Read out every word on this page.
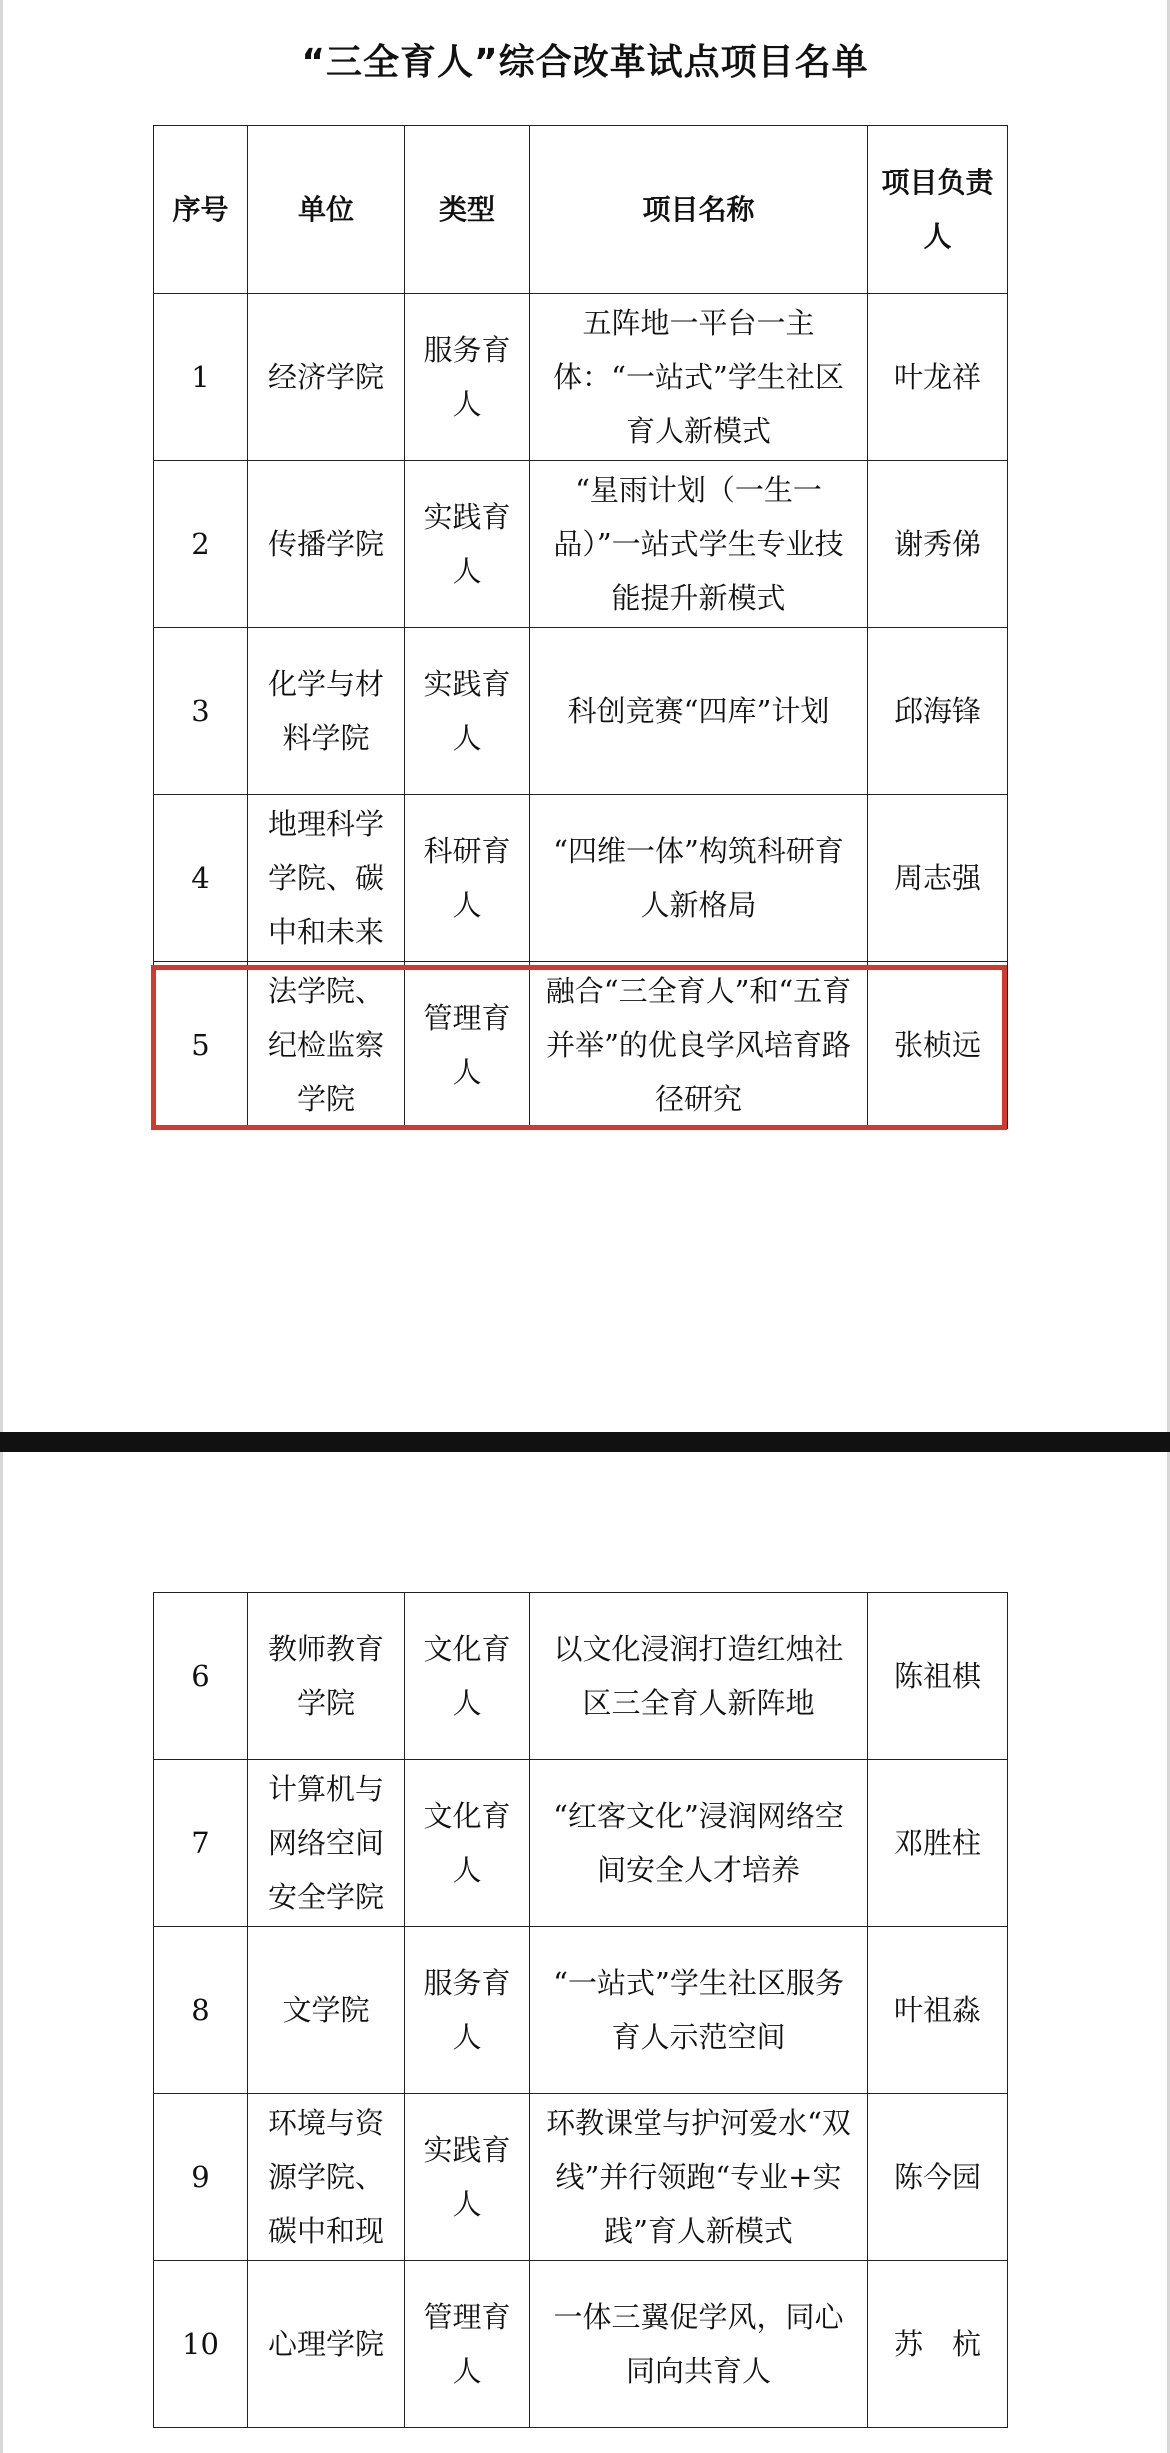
“三全育人”综合改革试点项目名单
序号	单位	类型	项目名称	项目负责人
1	经济学院	服务育人	五阵地一平台一主体：“一站式”学生社区育人新模式	叶龙祥
2	传播学院	实践育人	“星雨计划（一生一品）”一站式学生专业技能提升新模式	谢秀俤
3	化学与材料学院	实践育人	科创竞赛“四库”计划	邱海锋
4	地理科学学院、碳中和未来	科研育人	“四维一体”构筑科研育人新格局	周志强
5	法学院、纪检监察学院	管理育人	融合“三全育人”和“五育并举”的优良学风培育路径研究	张桢远
6	教师教育学院	文化育人	以文化浸润打造红烛社区三全育人新阵地	陈祖棋
7	计算机与网络空间安全学院	文化育人	“红客文化”浸润网络空间安全人才培养	邓胜柱
8	文学院	服务育人	“一站式”学生社区服务育人示范空间	叶祖淼
9	环境与资源学院、碳中和现	实践育人	环教课堂与护河爱水“双线”并行领跑“专业+实践”育人新模式	陈今园
10	心理学院	管理育人	一体三翼促学风，同心同向共育人	苏　杭
